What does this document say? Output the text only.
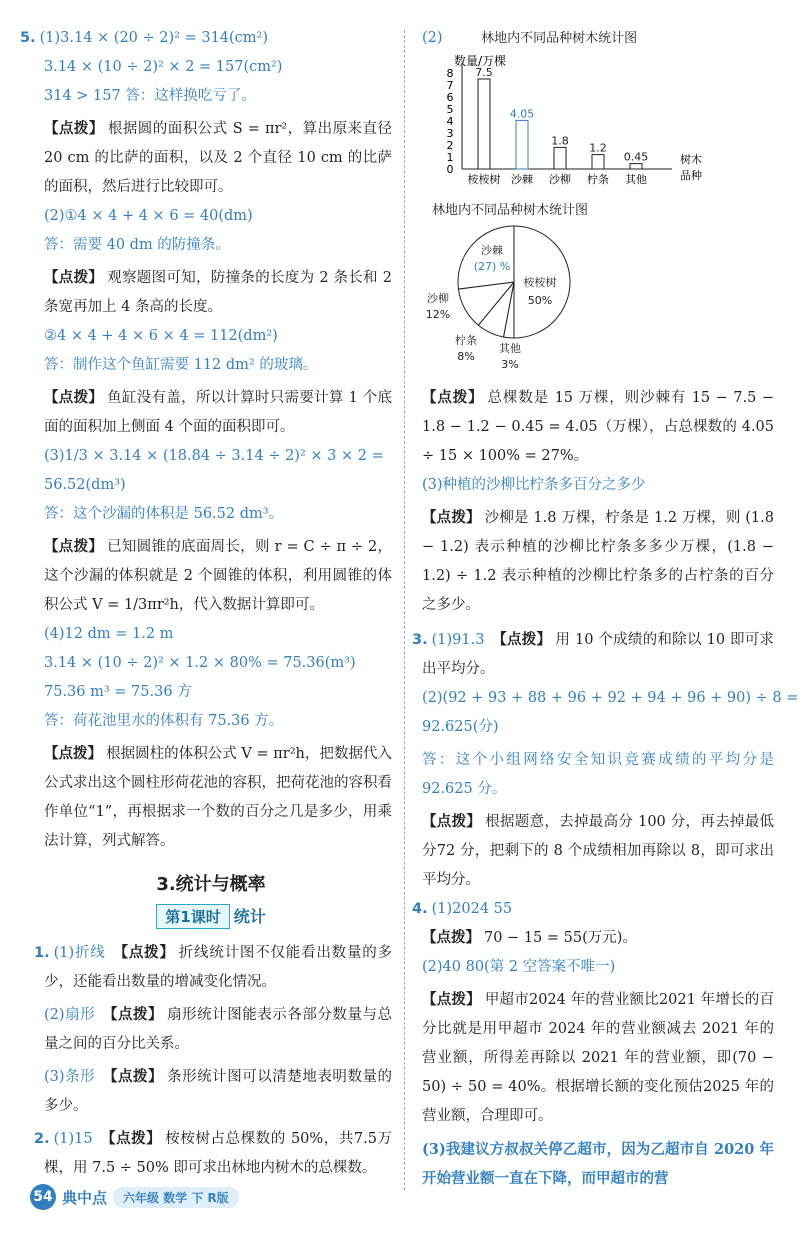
5. (1)3.14 × (20 ÷ 2)² = 314(cm²)
3.14 × (10 ÷ 2)² × 2 = 157(cm²)
314 > 157 答：这样换吃亏了。
【点拨】 根据圆的面积公式 S = πr²，算出原来直径 20 cm 的比萨的面积，以及 2 个直径 10 cm 的比萨的面积，然后进行比较即可。
(2)①4 × 4 + 4 × 6 = 40(dm)
答：需要 40 dm 的防撞条。
【点拨】 观察题图可知，防撞条的长度为 2 条长和 2 条宽再加上 4 条高的长度。
②4 × 4 + 4 × 6 × 4 = 112(dm²)
答：制作这个鱼缸需要 112 dm² 的玻璃。
【点拨】 鱼缸没有盖，所以计算时只需要计算 1 个底面的面积加上侧面 4 个面的面积即可。
(3)1/3 × 3.14 × (18.84 ÷ 3.14 ÷ 2)² × 3 × 2 =
56.52(dm³)
答：这个沙漏的体积是 56.52 dm³。
【点拨】 已知圆锥的底面周长，则 r = C ÷ π ÷ 2，这个沙漏的体积就是 2 个圆锥的体积，利用圆锥的体积公式 V = 1/3πr²h，代入数据计算即可。
(4)12 dm = 1.2 m
3.14 × (10 ÷ 2)² × 1.2 × 80% = 75.36(m³)
75.36 m³ = 75.36 方
答：荷花池里水的体积有 75.36 方。
【点拨】 根据圆柱的体积公式 V = πr²h，把数据代入公式求出这个圆柱形荷花池的容积，把荷花池的容积看作单位“1”，再根据求一个数的百分之几是多少，用乘法计算，列式解答。
3.统计与概率
第1课时 统计
1. (1)折线　 【点拨】 折线统计图不仅能看出数量的多少，还能看出数量的增减变化情况。
(2)扇形　 【点拨】 扇形统计图能表示各部分数量与总量之间的百分比关系。
(3)条形　 【点拨】 条形统计图可以清楚地表明数量的多少。
2. (1)15　 【点拨】 桉桉树占总棵数的 50%，共7.5万棵，用 7.5 ÷ 50% 即可求出林地内树木的总棵数。
(2)	林地内不同品种树木统计图
数量/万棵
0
1
2
3
4
5
6
7
8 7.5
桉桉树
4.05
沙棘
1.8
沙柳
1.2
柠条
0.45
其他
树木
品种
林地内不同品种树木统计图
桉桉树
50%
沙棘
(27) %
沙柳
12%
柠条
8%
其他
3%
【点拨】 总棵数是 15 万棵，则沙棘有 15 − 7.5 − 1.8 − 1.2 − 0.45 = 4.05（万棵），占总棵数的 4.05 ÷ 15 × 100% = 27%。
(3)种植的沙柳比柠条多百分之多少
【点拨】 沙柳是 1.8 万棵，柠条是 1.2 万棵，则 (1.8 − 1.2) 表示种植的沙柳比柠条多多少万棵，(1.8 − 1.2) ÷ 1.2 表示种植的沙柳比柠条多的占柠条的百分之多少。
3. (1)91.3　 【点拨】 用 10 个成绩的和除以 10 即可求出平均分。
(2)(92 + 93 + 88 + 96 + 92 + 94 + 96 + 90) ÷ 8 =
92.625(分)
答：这个小组网络安全知识竞赛成绩的平均分是 92.625 分。
【点拨】 根据题意，去掉最高分 100 分，再去掉最低分72 分，把剩下的 8 个成绩相加再除以 8，即可求出平均分。
4. (1)2024 55
【点拨】 70 − 15 = 55(万元)。
(2)40 80(第 2 空答案不唯一)
【点拨】 甲超市2024 年的营业额比2021 年增长的百分比就是用甲超市 2024 年的营业额减去 2021 年的营业额，所得差再除以 2021 年的营业额，即(70 − 50) ÷ 50 = 40%。根据增长额的变化预估2025 年的营业额，合理即可。
(3)我建议方叔叔关停乙超市，因为乙超市自 2020 年开始营业额一直在下降，而甲超市的营
54 典中点	六年级 数学 下 R版
